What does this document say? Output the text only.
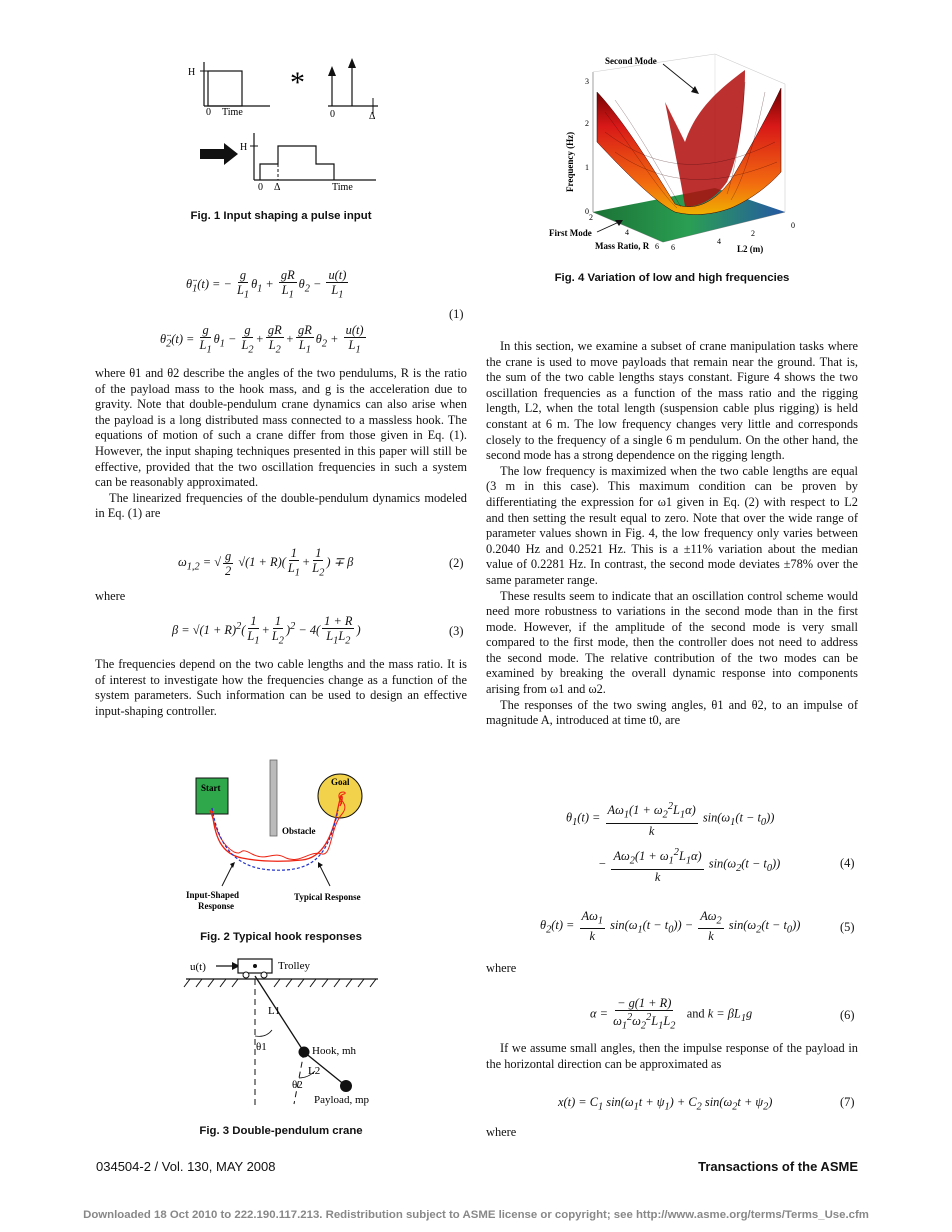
H
0 Time
*
0	Δ
H
0 Δ	Time
Fig. 1 Input shaping a pulse input
$\thetä_1(t)$ = − $\frac{g}{L_1} \theta_1 + \frac{gR}{L_1} \theta_2 - \frac{u(t)}{L_1}$
(1)
$\thetä_2(t) = \frac{g}{L_1} \theta_1 - \frac{g}{L_2} + \frac{gR}{L_2} + \frac{gR}{L_1} \theta_2 + \frac{u(t)}{L_1}$

where θ1 and θ2 describe the angles of the two pendulums, R is the ratio of the payload mass to the hook mass, and g is the acceleration due to gravity. Note that double-pendulum crane dynamics can also arise when the payload is a long distributed mass connected to a massless hook. The equations of motion of such a crane differ from those given in Eq. (1). However, the input shaping techniques presented in this paper will still be effective, provided that the two oscillation frequencies in such a system can be reasonably approximated.

The linearized frequencies of the double-pendulum dynamics modeled in Eq. (1) are

$\omega_{1,2}$ = √ $\frac{g}{2} √(1 + R)( \frac{1}{L_1} + \frac{1}{L_2}$ ) ∓ β	(2)
where
$\beta = √(1 + R)^2( \frac{1}{L_1} + \frac{1}{L_2} )^2 - 4( \frac{1 + R}{L_1L_2}$ )	(3)

The frequencies depend on the two cable lengths and the mass ratio. It is of interest to investigate how the frequencies change as a function of the system parameters. Such information can be used to design an effective input-shaping controller.

Start
Obstacle
Goal
Input-Shaped
Response
Typical Response
Fig. 2 Typical hook responses
u(t)	Trolley
L1
θ1	Hook, mh
L2
θ2
Payload, mp
Fig. 3 Double-pendulum crane
Second Mode
First Mode
Frequency (Hz)
Mass Ratio, R	L2 (m)
0
1
2
3
2
4
6
0
2
4
6
Fig. 4 Variation of low and high frequencies

In this section, we examine a subset of crane manipulation tasks where the crane is used to move payloads that remain near the ground. That is, the sum of the two cable lengths stays constant. Figure 4 shows the two oscillation frequencies as a function of the mass ratio and the rigging length, L2, when the total length (suspension cable plus rigging) is held constant at 6 m. The low frequency changes very little and corresponds closely to the frequency of a single 6 m pendulum. On the other hand, the second mode has a strong dependence on the rigging length.

The low frequency is maximized when the two cable lengths are equal (3 m in this case). This maximum condition can be proven by differentiating the expression for ω1 given in Eq. (2) with respect to L2 and then setting the result equal to zero. Note that over the wide range of parameter values shown in Fig. 4, the low frequency only varies between 0.2040 Hz and 0.2521 Hz. This is a ±11% variation about the median value of 0.2281 Hz. In contrast, the second mode deviates ±78% over the same parameter range.

These results seem to indicate that an oscillation control scheme would need more robustness to variations in the second mode than in the first mode. However, if the amplitude of the second mode is very small compared to the first mode, then the controller does not need to address the second mode. The relative contribution of the two modes can be examined by breaking the overall dynamic response into components arising from ω1 and ω2.

The responses of the two swing angles, θ1 and θ2, to an impulse of magnitude A, introduced at time t0, are

$\theta_1(t) = \frac{A\omega_1(1 + \omega_2^2L_1\alpha)}{k} \sin(\omega_1(t - t_0))$
− $\frac{A\omega_2(1 + \omega_1^2L_1\alpha)}{k} \sin(\omega_2(t - t_0))$	(4)
$\theta_2(t) = \frac{A\omega_1}{k} \sin(\omega_1(t - t_0)) - \frac{A\omega_2}{k} \sin(\omega_2(t - t_0))$	(5)
where
$\alpha = \frac{- g(1 + R)}{\omega_1^2\omega_2^2L_1L_2}$ and $k = \beta L_1g$	(6)

If we assume small angles, then the impulse response of the payload in the horizontal direction can be approximated as

$x(t) = C_1$ $\sin(\omega_1t + \psi_1) + C_2$ $\sin(\omega_2t + \psi_2)$	(7)
where
034504-2 / Vol. 130, MAY 2008	Transactions of the ASME
Downloaded 18 Oct 2010 to 222.190.117.213. Redistribution subject to ASME license or copyright; see http://www.asme.org/terms/Terms_Use.cfm
